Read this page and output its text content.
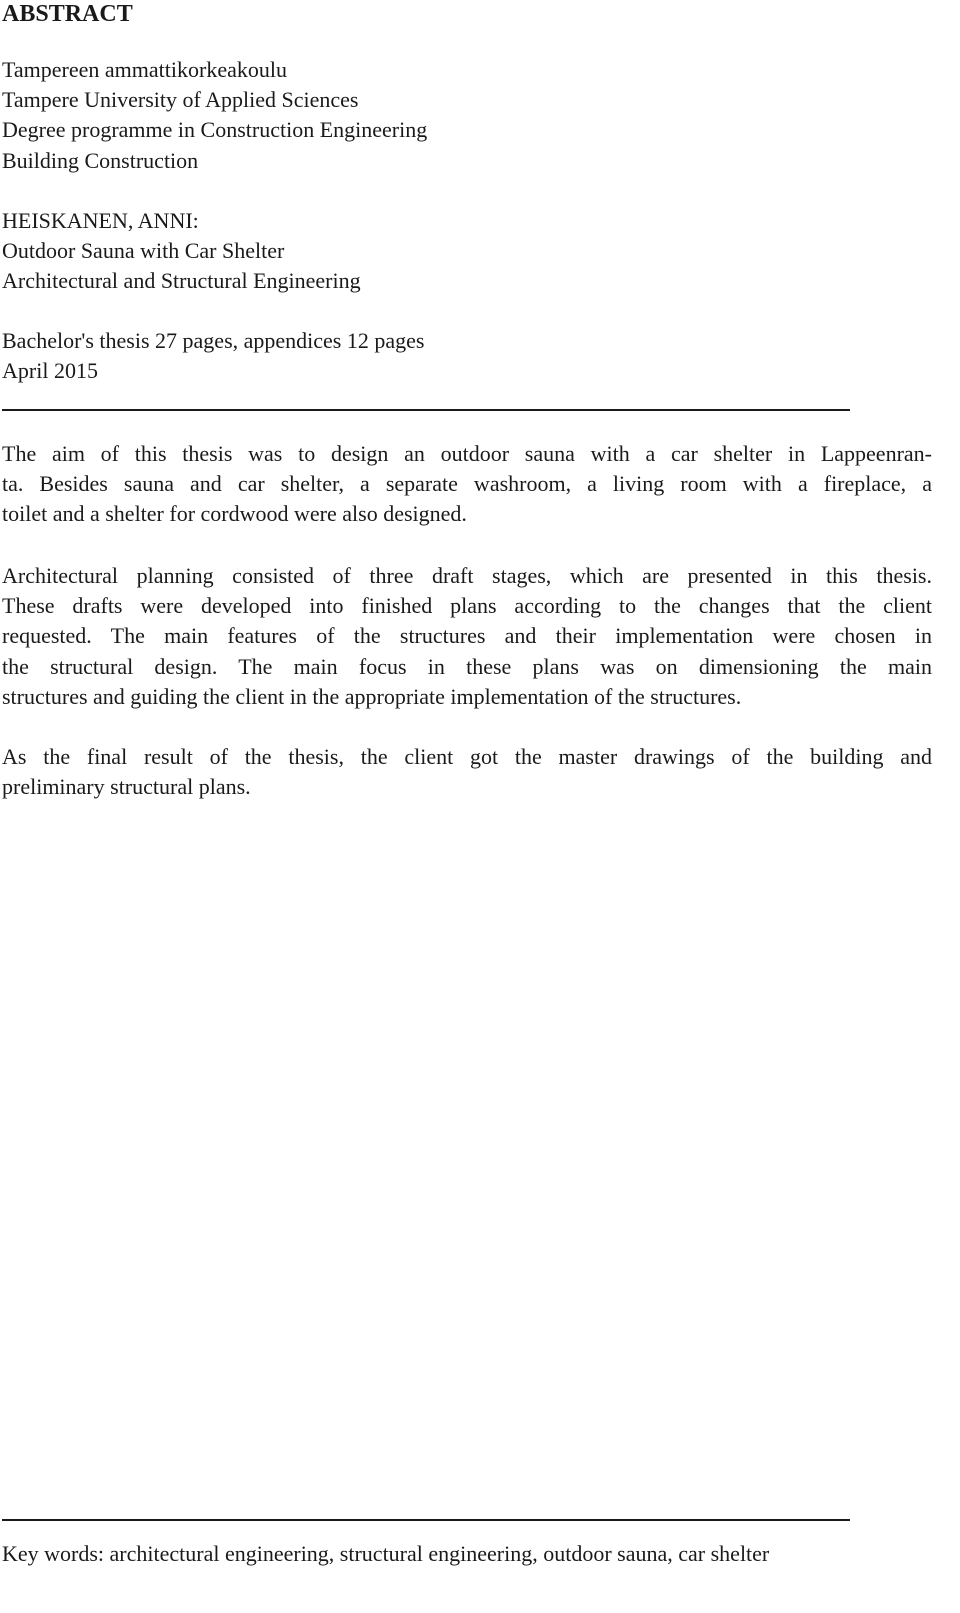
ABSTRACT
Tampereen ammattikorkeakoulu
Tampere University of Applied Sciences
Degree programme in Construction Engineering
Building Construction
HEISKANEN, ANNI:
Outdoor Sauna with Car Shelter
Architectural and Structural Engineering
Bachelor's thesis 27 pages, appendices 12 pages
April 2015
The aim of this thesis was to design an outdoor sauna with a car shelter in Lappeenran-
ta. Besides sauna and car shelter, a separate washroom, a living room with a fireplace, a
toilet and a shelter for cordwood were also designed.
Architectural planning consisted of three draft stages, which are presented in this thesis.
These drafts were developed into finished plans according to the changes that the client
requested. The main features of the structures and their implementation were chosen in
the structural design. The main focus in these plans was on dimensioning the main
structures and guiding the client in the appropriate implementation of the structures.
As the final result of the thesis, the client got the master drawings of the building and
preliminary structural plans.

Key words: architectural engineering, structural engineering, outdoor sauna, car shelter
